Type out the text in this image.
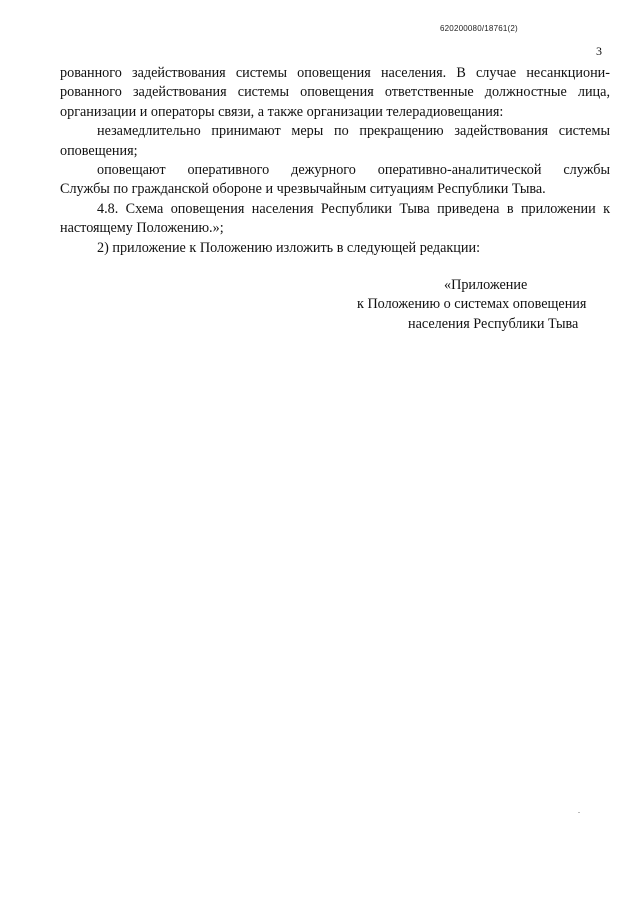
620200080/18761(2)
3

рованного задействования системы оповещения населения. В случае несанкциони-

рованного задействования системы оповещения ответственные должностные лица,

организации и операторы связи, а также организации телерадиовещания:

незамедлительно принимают меры по прекращению задействования системы

оповещения;

оповещают оперативного дежурного оперативно-аналитической службы

Службы по гражданской обороне и чрезвычайным ситуациям Республики Тыва.

4.8. Схема оповещения населения Республики Тыва приведена в приложении к

настоящему Положению.»;

2) приложение к Положению изложить в следующей редакции:

«Приложение
к Положению о системах оповещения
населения Республики Тыва
